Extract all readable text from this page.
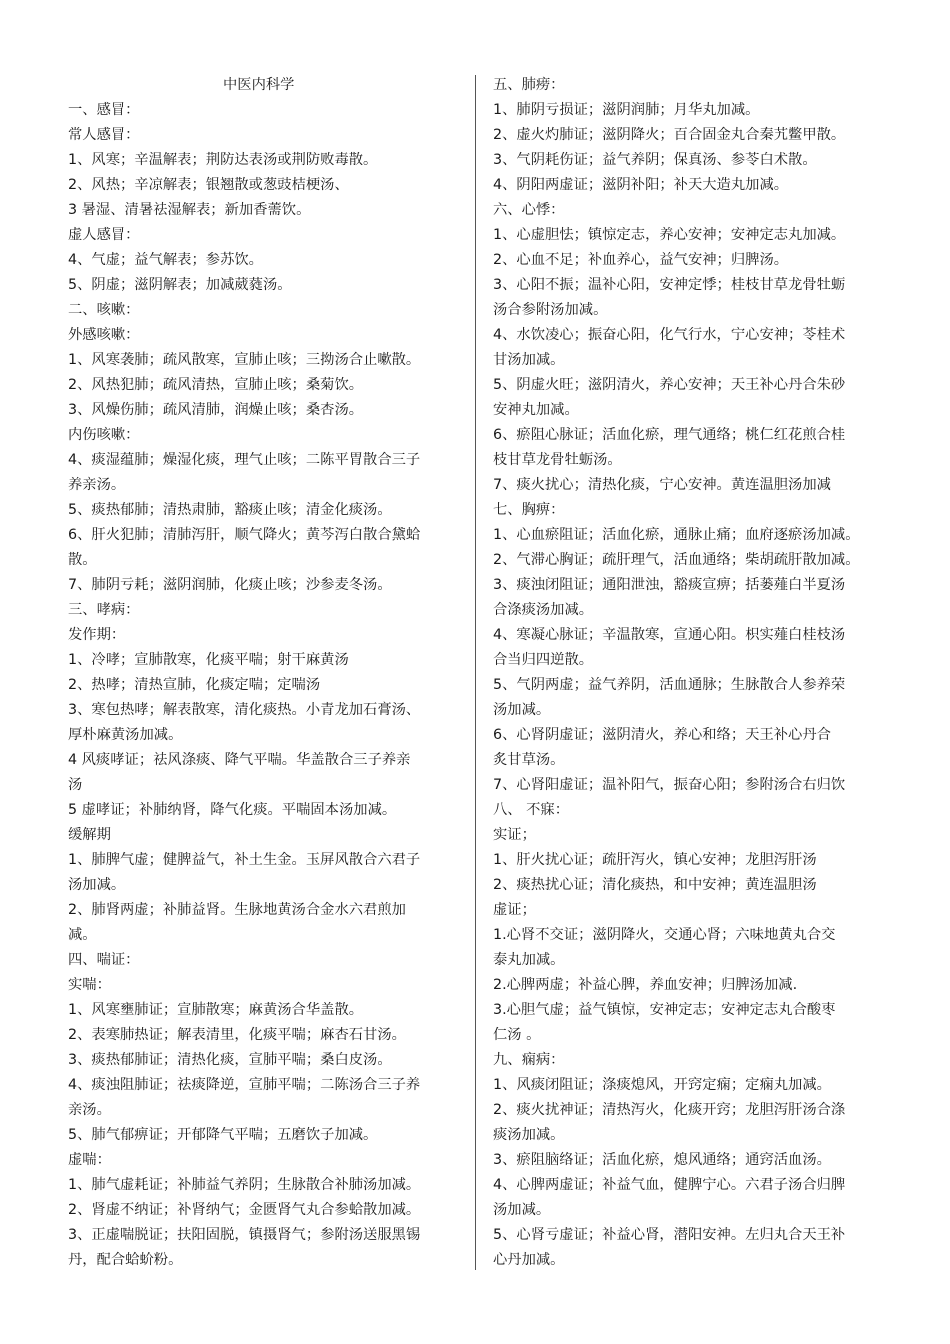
中医内科学
一、感冒：
常人感冒：
1、风寒；辛温解表；荆防达表汤或荆防败毒散。
2、风热；辛凉解表；银翘散或葱豉桔梗汤、
3 暑湿、清暑祛湿解表；新加香薷饮。
虚人感冒：
4、气虚；益气解表；参苏饮。
5、阴虚；滋阴解表；加减葳蕤汤。
二、咳嗽：
外感咳嗽：
1、风寒袭肺；疏风散寒，宣肺止咳；三拗汤合止嗽散。
2、风热犯肺；疏风清热，宣肺止咳；桑菊饮。
3、风燥伤肺；疏风清肺，润燥止咳；桑杏汤。
内伤咳嗽：
4、痰湿蕴肺；燥湿化痰，理气止咳；二陈平胃散合三子
养亲汤。
5、痰热郁肺；清热肃肺，豁痰止咳；清金化痰汤。
6、肝火犯肺；清肺泻肝，顺气降火；黄芩泻白散合黛蛤
散。
7、肺阴亏耗；滋阴润肺，化痰止咳；沙参麦冬汤。
三、哮病：
发作期：
1、冷哮；宣肺散寒，化痰平喘；射干麻黄汤
2、热哮；清热宣肺，化痰定喘；定喘汤
3、寒包热哮；解表散寒，清化痰热。小青龙加石膏汤、
厚朴麻黄汤加减。
4 风痰哮证；祛风涤痰、降气平喘。华盖散合三子养亲
汤
5 虚哮证；补肺纳肾，降气化痰。平喘固本汤加减。
缓解期
1、肺脾气虚；健脾益气，补土生金。玉屏风散合六君子
汤加减。
2、肺肾两虚；补肺益肾。生脉地黄汤合金水六君煎加
减。
四、喘证：
实喘：
1、风寒壅肺证；宣肺散寒；麻黄汤合华盖散。
2、表寒肺热证；解表清里，化痰平喘；麻杏石甘汤。
3、痰热郁肺证；清热化痰，宣肺平喘；桑白皮汤。
4、痰浊阻肺证；祛痰降逆，宣肺平喘；二陈汤合三子养
亲汤。
5、肺气郁痹证；开郁降气平喘；五磨饮子加减。
虚喘：
1、肺气虚耗证；补肺益气养阴；生脉散合补肺汤加减。
2、肾虚不纳证；补肾纳气；金匮肾气丸合参蛤散加减。
3、正虚喘脱证；扶阳固脱，镇摄肾气；参附汤送服黑锡
丹，配合蛤蚧粉。
五、肺痨：
1、肺阴亏损证；滋阴润肺；月华丸加减。
2、虚火灼肺证；滋阴降火；百合固金丸合秦艽鳖甲散。
3、气阴耗伤证；益气养阴；保真汤、参苓白术散。
4、阴阳两虚证；滋阴补阳；补天大造丸加减。
六、心悸：
1、心虚胆怯；镇惊定志，养心安神；安神定志丸加减。
2、心血不足；补血养心，益气安神；归脾汤。
3、心阳不振；温补心阳，安神定悸；桂枝甘草龙骨牡蛎
汤合参附汤加减。
4、水饮凌心；振奋心阳，化气行水，宁心安神；苓桂术
甘汤加减。
5、阴虚火旺；滋阴清火，养心安神；天王补心丹合朱砂
安神丸加减。
6、瘀阻心脉证；活血化瘀，理气通络；桃仁红花煎合桂
枝甘草龙骨牡蛎汤。
7、痰火扰心；清热化痰，宁心安神。黄连温胆汤加减
七、胸痹：
1、心血瘀阻证；活血化瘀，通脉止痛；血府逐瘀汤加减。
2、气滞心胸证；疏肝理气，活血通络；柴胡疏肝散加减。
3、痰浊闭阻证；通阳泄浊，豁痰宣痹；括蒌薤白半夏汤
合涤痰汤加减。
4、寒凝心脉证；辛温散寒，宣通心阳。枳实薤白桂枝汤
合当归四逆散。
5、气阴两虚；益气养阴，活血通脉；生脉散合人参养荣
汤加减。
6、心肾阴虚证；滋阴清火，养心和络；天王补心丹合
炙甘草汤。
7、心肾阳虚证；温补阳气，振奋心阳；参附汤合右归饮
八、 不寐：
实证；
1、肝火扰心证；疏肝泻火，镇心安神；龙胆泻肝汤
2、痰热扰心证；清化痰热，和中安神；黄连温胆汤
虚证；
1.心肾不交证；滋阴降火，交通心肾；六味地黄丸合交
泰丸加减。
2.心脾两虚；补益心脾，养血安神；归脾汤加减.
3.心胆气虚；益气镇惊，安神定志；安神定志丸合酸枣
仁汤 。
九、痫病：
1、风痰闭阻证；涤痰熄风，开窍定痫；定痫丸加减。
2、痰火扰神证；清热泻火，化痰开窍；龙胆泻肝汤合涤
痰汤加减。
3、瘀阻脑络证；活血化瘀，熄风通络；通窍活血汤。
4、心脾两虚证；补益气血，健脾宁心。六君子汤合归脾
汤加减。
5、心肾亏虚证；补益心肾，潜阳安神。左归丸合天王补
心丹加减。
